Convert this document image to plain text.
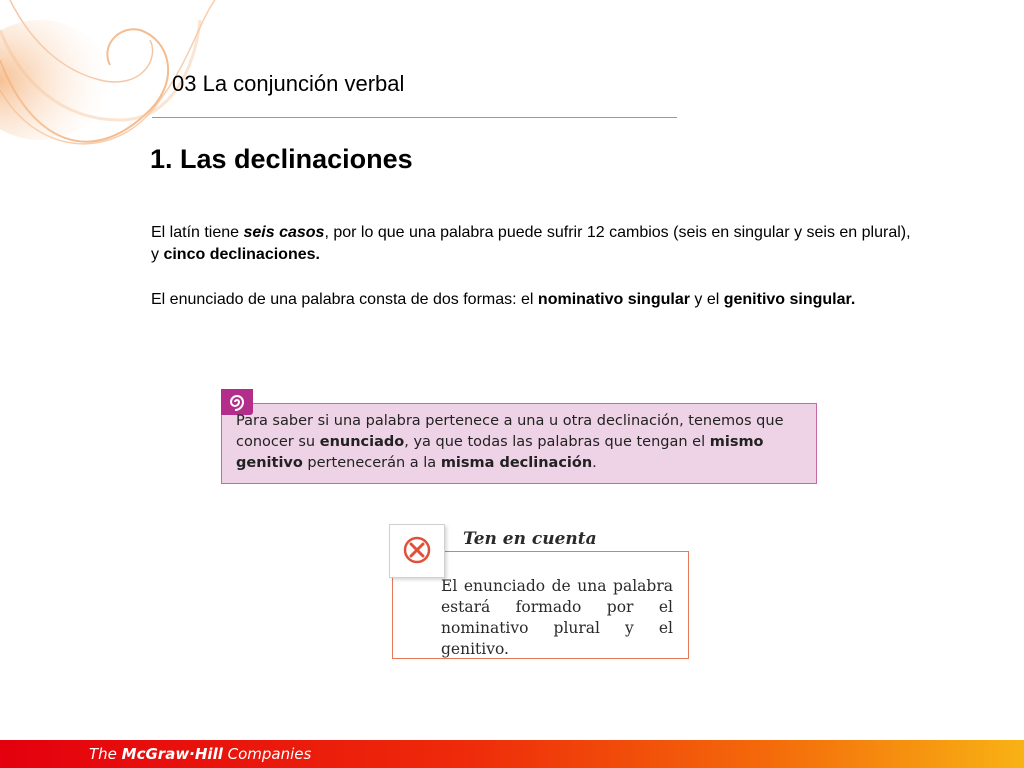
03 La conjunción verbal
1. Las declinaciones
El latín tiene seis casos, por lo que una palabra puede sufrir 12 cambios (seis en singular y seis en plural), y cinco declinaciones.
El enunciado de una palabra consta de dos formas: el nominativo singular y el genitivo singular.
Para saber si una palabra pertenece a una u otra declinación, tenemos que conocer su enunciado, ya que todas las palabras que tengan el mismo genitivo pertenecerán a la misma declinación.
Ten en cuenta
El enunciado de una palabra estará formado por el nominativo plural y el genitivo.
The McGraw·Hill Companies
